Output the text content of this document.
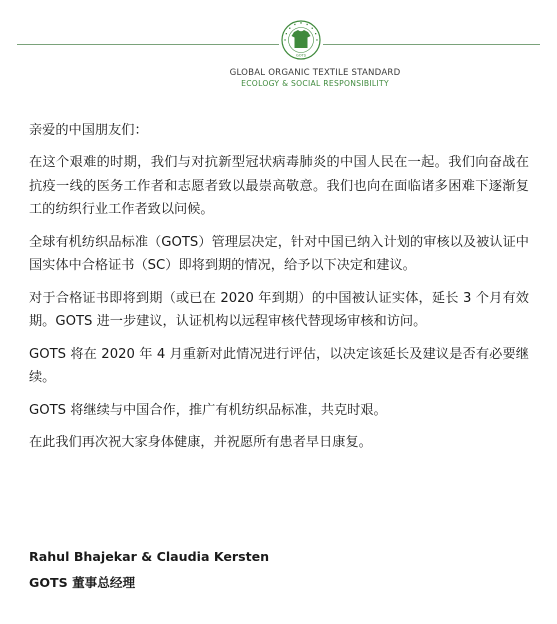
GOTS
GLOBAL ORGANIC TEXTILE STANDARD
ECOLOGY & SOCIAL RESPONSIBILITY

亲爱的中国朋友们：

在这个艰难的时期，我们与对抗新型冠状病毒肺炎的中国人民在一起。我们向奋战在抗疫一线的医务工作者和志愿者致以最崇高敬意。我们也向在面临诸多困难下逐渐复工的纺织行业工作者致以问候。

全球有机纺织品标准（GOTS）管理层决定，针对中国已纳入计划的审核以及被认证中国实体中合格证书（SC）即将到期的情况，给予以下决定和建议。

对于合格证书即将到期（或已在 2020 年到期）的中国被认证实体，延长 3 个月有效期。GOTS 进一步建议，认证机构以远程审核代替现场审核和访问。

GOTS 将在 2020 年 4 月重新对此情况进行评估，以决定该延长及建议是否有必要继续。

GOTS 将继续与中国合作，推广有机纺织品标准，共克时艰。

在此我们再次祝大家身体健康，并祝愿所有患者早日康复。

Rahul Bhajekar & Claudia Kersten

GOTS 董事总经理
